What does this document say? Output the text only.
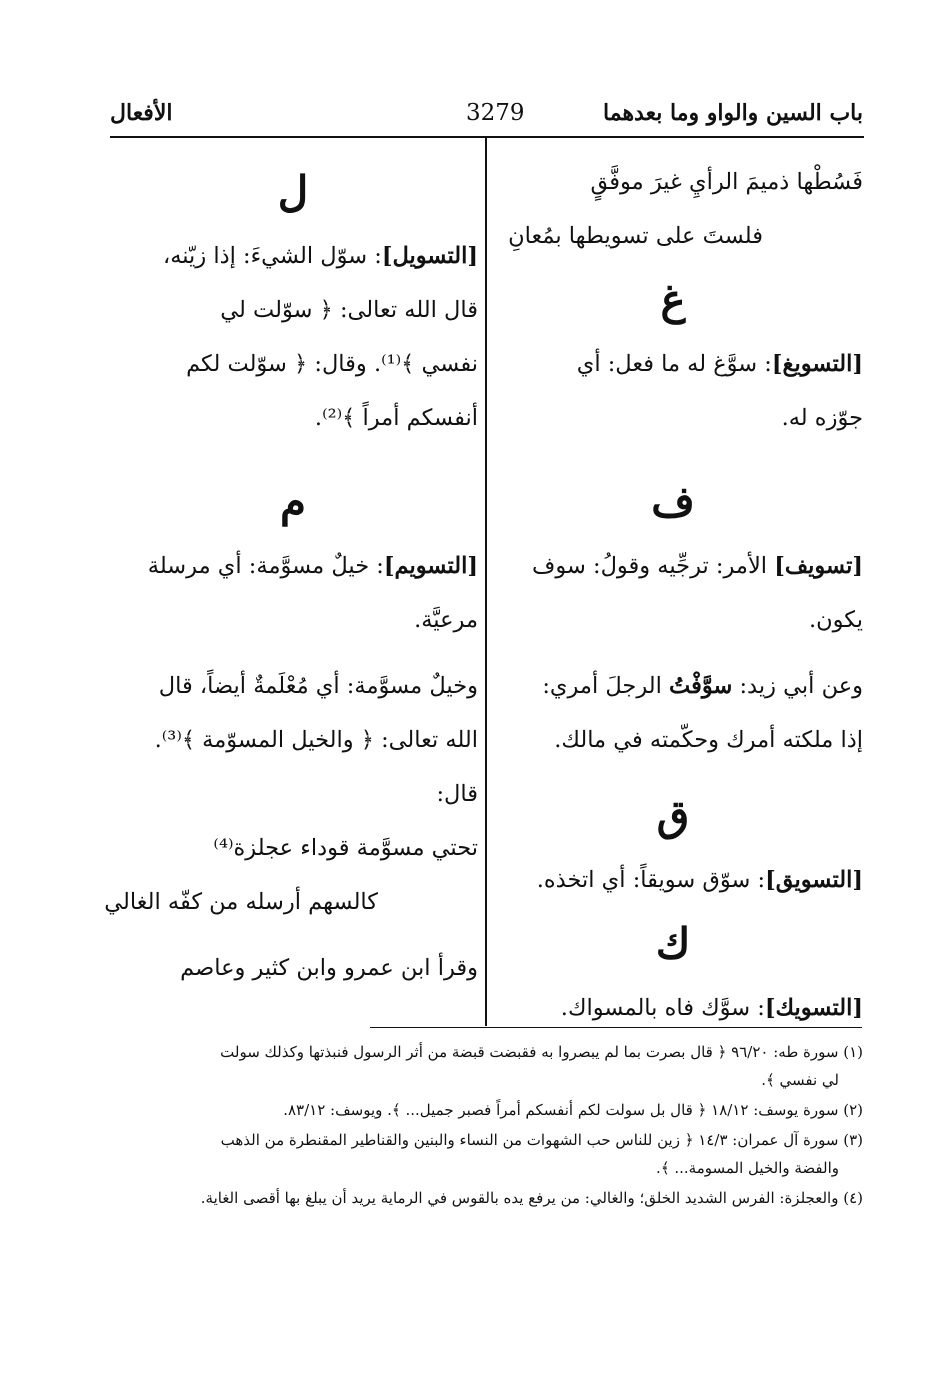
باب السين والواو وما بعدهما
3279
الأفعال
فَسُطْها ذميمَ الرأيِ غيرَ موفَّقٍ
فلستَ على تسويطها بمُعانِ
غ
[التسويغ]: سوَّغ له ما فعل: أي
جوّزه له.
ف
[تسويف] الأمر: ترجِّيه وقولُ: سوف
يكون.
وعن أبي زيد: سوَّفْتُ الرجلَ أمري:
إذا ملكته أمرك وحكّمته في مالك.
ق
[التسويق]: سوّق سويقاً: أي اتخذه.
ك
[التسويك]: سوَّك فاه بالمسواك.
ل
[التسويل]: سوّل الشيءَ: إذا زيّنه،
قال الله تعالى: ﴿ سوّلت لي
نفسي ﴾⁽¹⁾. وقال: ﴿ سوّلت لكم
أنفسكم أمراً ﴾⁽²⁾.
م
[التسويم]: خيلٌ مسوَّمة: أي مرسلة
مرعيَّة.
وخيلٌ مسوَّمة: أي مُعْلَمةٌ أيضاً، قال
الله تعالى: ﴿ والخيل المسوّمة ﴾⁽³⁾.
قال:
تحتي مسوَّمة قوداء عجلزة⁽⁴⁾
كالسهم أرسله من كفّه الغالي
وقرأ ابن عمرو وابن كثير وعاصم
(١) سورة طه: ٩٦/٢٠ ﴿ قال بصرت بما لم يبصروا به فقبضت قبضة من أثر الرسول فنبذتها وكذلك سولت
لي نفسي ﴾.
(٢) سورة يوسف: ١٨/١٢ ﴿ قال بل سولت لكم أنفسكم أمراً فصبر جميل... ﴾. ويوسف: ٨٣/١٢.
(٣) سورة آل عمران: ١٤/٣ ﴿ زين للناس حب الشهوات من النساء والبنين والقناطير المقنطرة من الذهب
والفضة والخيل المسومة... ﴾.
(٤) والعجلزة: الفرس الشديد الخلق؛ والغالي: من يرفع يده بالقوس في الرماية يريد أن يبلغ بها أقصى الغاية.
